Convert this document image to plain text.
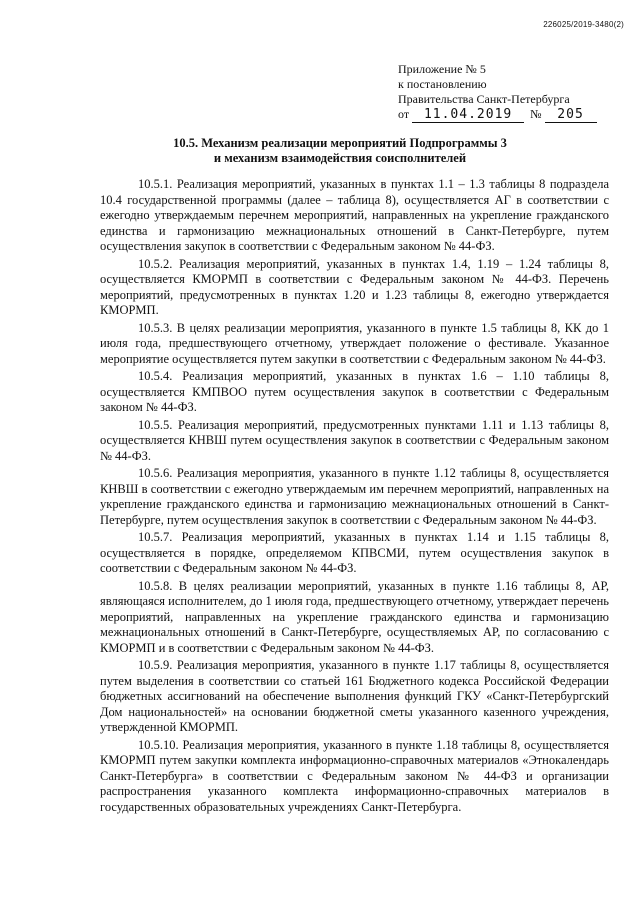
226025/2019-3480(2)
Приложение № 5
к постановлению
Правительства Санкт-Петербурга
от 11.04.2019 № 205
10.5. Механизм реализации мероприятий Подпрограммы 3
и механизм взаимодействия соисполнителей

10.5.1. Реализация мероприятий, указанных в пунктах 1.1 – 1.3 таблицы 8 подраздела 10.4 государственной программы (далее – таблица 8), осуществляется АГ в соответствии с ежегодно утверждаемым перечнем мероприятий, направленных на укрепление гражданского единства и гармонизацию межнациональных отношений в Санкт-Петербурге, путем осуществления закупок в соответствии с Федеральным законом № 44-ФЗ.

10.5.2. Реализация мероприятий, указанных в пунктах 1.4, 1.19 – 1.24 таблицы 8, осуществляется КМОРМП в соответствии с Федеральным законом № 44-ФЗ. Перечень мероприятий, предусмотренных в пунктах 1.20 и 1.23 таблицы 8, ежегодно утверждается КМОРМП.

10.5.3. В целях реализации мероприятия, указанного в пункте 1.5 таблицы 8, КК до 1 июля года, предшествующего отчетному, утверждает положение о фестивале. Указанное мероприятие осуществляется путем закупки в соответствии с Федеральным законом № 44-ФЗ.

10.5.4. Реализация мероприятий, указанных в пунктах 1.6 – 1.10 таблицы 8, осуществляется КМПВОО путем осуществления закупок в соответствии с Федеральным законом № 44-ФЗ.

10.5.5. Реализация мероприятий, предусмотренных пунктами 1.11 и 1.13 таблицы 8, осуществляется КНВШ путем осуществления закупок в соответствии с Федеральным законом № 44-ФЗ.

10.5.6. Реализация мероприятия, указанного в пункте 1.12 таблицы 8, осуществляется КНВШ в соответствии с ежегодно утверждаемым им перечнем мероприятий, направленных на укрепление гражданского единства и гармонизацию межнациональных отношений в Санкт-Петербурге, путем осуществления закупок в соответствии с Федеральным законом № 44-ФЗ.

10.5.7. Реализация мероприятий, указанных в пунктах 1.14 и 1.15 таблицы 8, осуществляется в порядке, определяемом КПВСМИ, путем осуществления закупок в соответствии с Федеральным законом № 44-ФЗ.

10.5.8. В целях реализации мероприятий, указанных в пункте 1.16 таблицы 8, АР, являющаяся исполнителем, до 1 июля года, предшествующего отчетному, утверждает перечень мероприятий, направленных на укрепление гражданского единства и гармонизацию межнациональных отношений в Санкт-Петербурге, осуществляемых АР, по согласованию с КМОРМП и в соответствии с Федеральным законом № 44-ФЗ.

10.5.9. Реализация мероприятия, указанного в пункте 1.17 таблицы 8, осуществляется путем выделения в соответствии со статьей 161 Бюджетного кодекса Российской Федерации бюджетных ассигнований на обеспечение выполнения функций ГКУ «Санкт-Петербургский Дом национальностей» на основании бюджетной сметы указанного казенного учреждения, утвержденной КМОРМП.

10.5.10. Реализация мероприятия, указанного в пункте 1.18 таблицы 8, осуществляется КМОРМП путем закупки комплекта информационно-справочных материалов «Этнокалендарь Санкт-Петербурга» в соответствии с Федеральным законом № 44-ФЗ и организации распространения указанного комплекта информационно-справочных материалов в государственных образовательных учреждениях Санкт-Петербурга.
